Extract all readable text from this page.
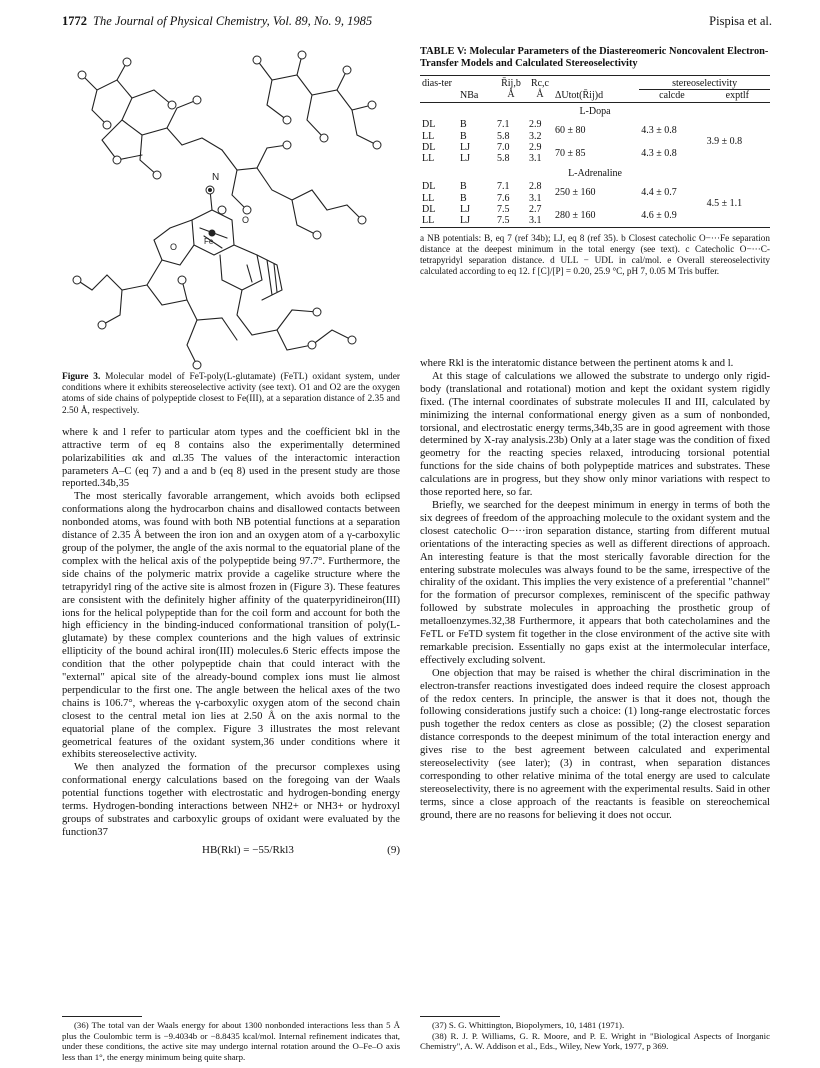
1772 The Journal of Physical Chemistry, Vol. 89, No. 9, 1985	Pispisa et al.
N
Fe
O
O

Figure 3. Molecular model of FeT-poly(L-glutamate) (FeTL) oxidant system, under conditions where it exhibits stereoselective activity (see text). O1 and O2 are the oxygen atoms of side chains of polypeptide closest to Fe(III), at a separation distance of 2.35 and 2.50 Å, respectively.

where k and l refer to particular atom types and the coefficient bkl in the attractive term of eq 8 contains also the experimentally determined polarizabilities αk and αl.35 The values of the interactomic interaction parameters A–C (eq 7) and a and b (eq 8) used in the present study are those reported.34b,35

The most sterically favorable arrangement, which avoids both eclipsed conformations along the hydrocarbon chains and disallowed contacts between nonbonded atoms, was found with both NB potential functions at a separation distance of 2.35 Å between the iron ion and an oxygen atom of a γ-carboxylic group of the polymer, the angle of the axis normal to the equatorial plane of the complex with the helical axis of the polypeptide being 97.7°. Furthermore, the side chains of the polymeric matrix provide a cagelike structure where the tetrapyridyl ring of the active site is almost frozen in (Figure 3). These features are consistent with the definitely higher affinity of the quaterpyridineiron(III) ions for the helical polypeptide than for the coil form and account for both the high efficiency in the binding-induced conformational transition of poly(L-glutamate) by these complex counterions and the high values of extrinsic ellipticity of the bound achiral iron(III) molecules.6 Steric effects impose the condition that the other polypeptide chain that could interact with the "external" apical site of the already-bound complex ions must lie almost perpendicular to the first one. The angle between the helical axes of the two chains is 106.7°, whereas the γ-carboxylic oxygen atom of the second chain closest to the central metal ion lies at 2.50 Å on the axis normal to the equatorial plane of the complex. Figure 3 illustrates the most relevant geometrical features of the oxidant system,36 under conditions where it exhibits stereoselective activity.

We then analyzed the formation of the precursor complexes using conformational energy calculations based on the foregoing van der Waals potential functions together with electrostatic and hydrogen-bonding energy terms. Hydrogen-bonding interactions between NH2+ or NH3+ or hydroxyl groups of substrates and carboxylic groups of oxidant were evaluated by the function37

HB(Rkl) = −55/Rkl3	(9)

(36) The total van der Waals energy for about 1300 nonbonded interactions less than 5 Å plus the Coulombic term is −9.4034b or −8.8435 kcal/mol. Internal refinement indicates that, under these conditions, the active site may undergo internal rotation around the O–Fe–O axis less than 1°, the energy minimum being quite sharp.

TABLE V: Molecular Parameters of the Diastereomeric Noncovalent Electron-Transfer Models and Calculated Stereoselectivity
dias-ter	NBa	R̄ij,b Å	Rc,c Å	ΔUtot(R̄ij)d	stereoselectivity	
					calcde	exptlf
L-Dopa						
DL	B	7.1	2.9	60 ± 80	4.3 ± 0.8	3.9 ± 0.8
LL	B	5.8	3.2			
DL	LJ	7.0	2.9	70 ± 85	4.3 ± 0.8	
LL	LJ	5.8	3.1			
L-Adrenaline						
DL	B	7.1	2.8	250 ± 160	4.4 ± 0.7	4.5 ± 1.1
LL	B	7.6	3.1			
DL	LJ	7.5	2.7	280 ± 160	4.6 ± 0.9	
LL	LJ	7.5	3.1			
a NB potentials: B, eq 7 (ref 34b); LJ, eq 8 (ref 35). b Closest catecholic O−···Fe separation distance at the deepest minimum in the total energy (see text). c Catecholic O−···C-tetrapyridyl separation distance. d ULL − UDL in cal/mol. e Overall stereoselectivity calculated according to eq 12. f [C]/[P] = 0.20, 25.9 °C, pH 7, 0.05 M Tris buffer.

where Rkl is the interatomic distance between the pertinent atoms k and l.

At this stage of calculations we allowed the substrate to undergo only rigid-body (translational and rotational) motion and kept the oxidant system rigidly fixed. (The internal coordinates of substrate molecules II and III, calculated by minimizing the internal conformational energy given as a sum of nonbonded, torsional, and electrostatic energy terms,34b,35 are in good agreement with those determined by X-ray analysis.23b) Only at a later stage was the condition of fixed geometry for the reacting species relaxed, introducing torsional potential functions for the side chains of both polypeptide matrices and substrates. These calculations are in progress, but they show only minor variations with respect to those reported here, so far.

Briefly, we searched for the deepest minimum in energy in terms of both the six degrees of freedom of the approaching molecule to the oxidant system and the closest catecholic O−···iron separation distance, starting from different mutual orientations of the interacting species as well as different directions of approach. An interesting feature is that the most sterically favorable direction for the entering substrate molecules was always found to be the same, irrespective of the chirality of the oxidant. This implies the very existence of a preferential "channel" for the formation of precursor complexes, reminiscent of the specific pathway followed by substrate molecules in approaching the prosthetic group of metalloenzymes.32,38 Furthermore, it appears that both catecholamines and the FeTL or FeTD system fit together in the close environment of the active site with remarkable precision. Essentially no gaps exist at the intermolecular interface, effectively excluding solvent.

One objection that may be raised is whether the chiral discrimination in the electron-transfer reactions investigated does indeed require the closest approach of the redox centers. In principle, the answer is that it does not, though the following considerations justify such a choice: (1) long-range electrostatic forces push together the redox centers as close as possible; (2) the closest separation distance corresponds to the deepest minimum of the total interaction energy and gives rise to the best agreement between calculated and experimental stereoselectivity (see later); (3) in contrast, when separation distances corresponding to other relative minima of the total energy are used to calculate stereoselectivity, there is no agreement with the experimental results. Said in other terms, since a close approach of the reactants is feasible on stereochemical ground, there are no reasons for believing it does not occur.

(37) S. G. Whittington, Biopolymers, 10, 1481 (1971).

(38) R. J. P. Williams, G. R. Moore, and P. E. Wright in "Biological Aspects of Inorganic Chemistry", A. W. Addison et al., Eds., Wiley, New York, 1977, p 369.
